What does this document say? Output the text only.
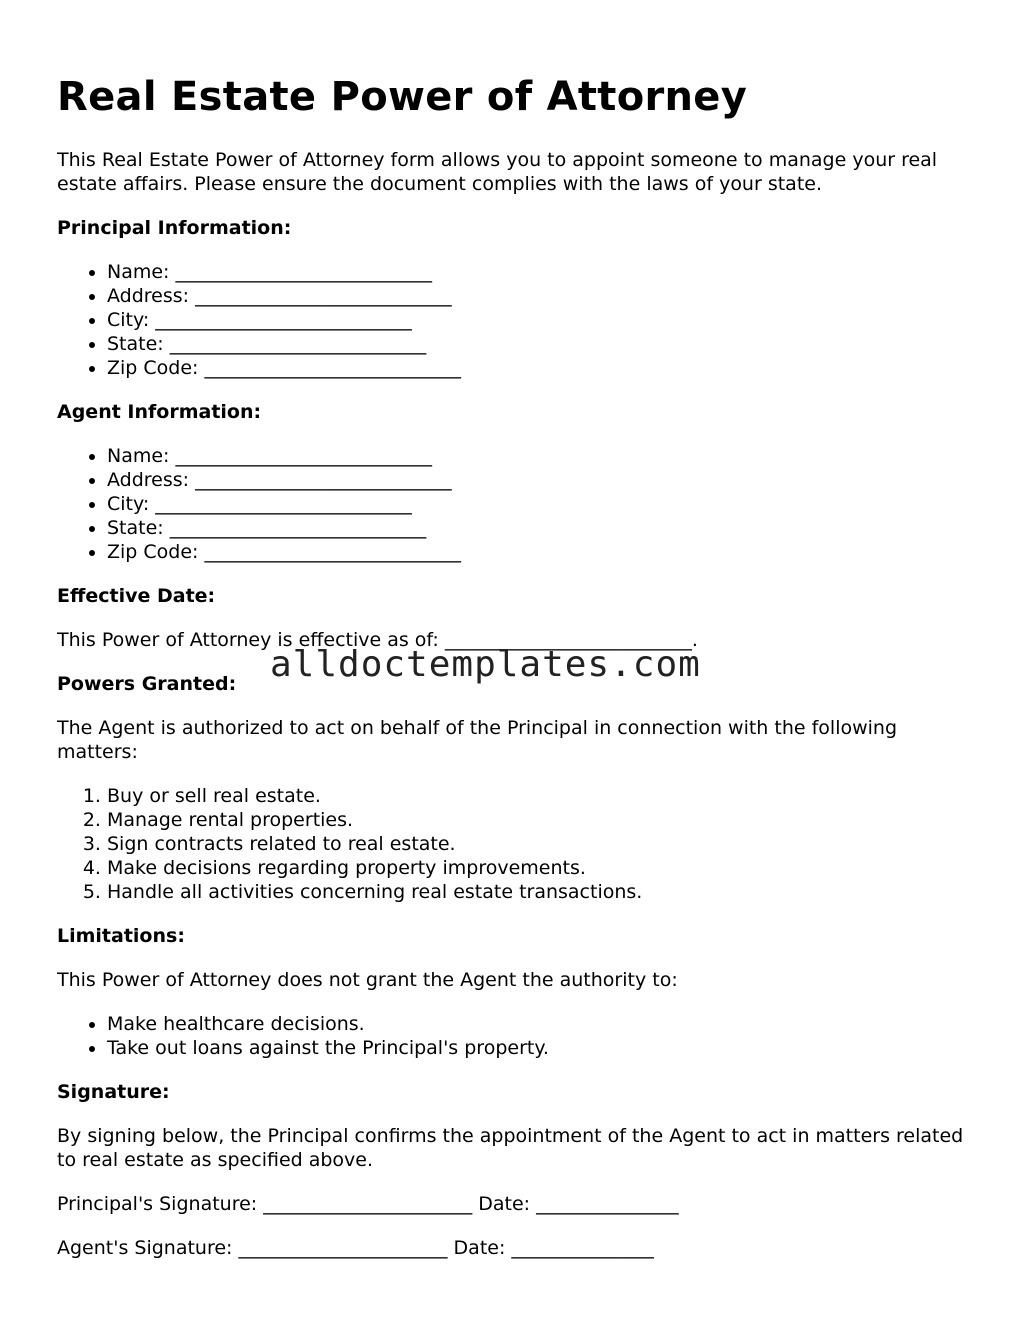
Real Estate Power of Attorney

This Real Estate Power of Attorney form allows you to appoint someone to manage your real estate affairs. Please ensure the document complies with the laws of your state.

Principal Information:
• Name: ___________________________
• Address: ___________________________
• City: ___________________________
• State: ___________________________
• Zip Code: ___________________________
Agent Information:
• Name: ___________________________
• Address: ___________________________
• City: ___________________________
• State: ___________________________
• Zip Code: ___________________________
Effective Date:

This Power of Attorney is effective as of: __________________________.

Powers Granted:

The Agent is authorized to act on behalf of the Principal in connection with the following matters:

1. Buy or sell real estate.
2. Manage rental properties.
3. Sign contracts related to real estate.
4. Make decisions regarding property improvements.
5. Handle all activities concerning real estate transactions.
Limitations:

This Power of Attorney does not grant the Agent the authority to:

• Make healthcare decisions.
• Take out loans against the Principal's property.
Signature:

By signing below, the Principal confirms the appointment of the Agent to act in matters related to real estate as specified above.

Principal's Signature: ______________________ Date: _______________

Agent's Signature: ______________________ Date: _______________

alldoctemplates.com
